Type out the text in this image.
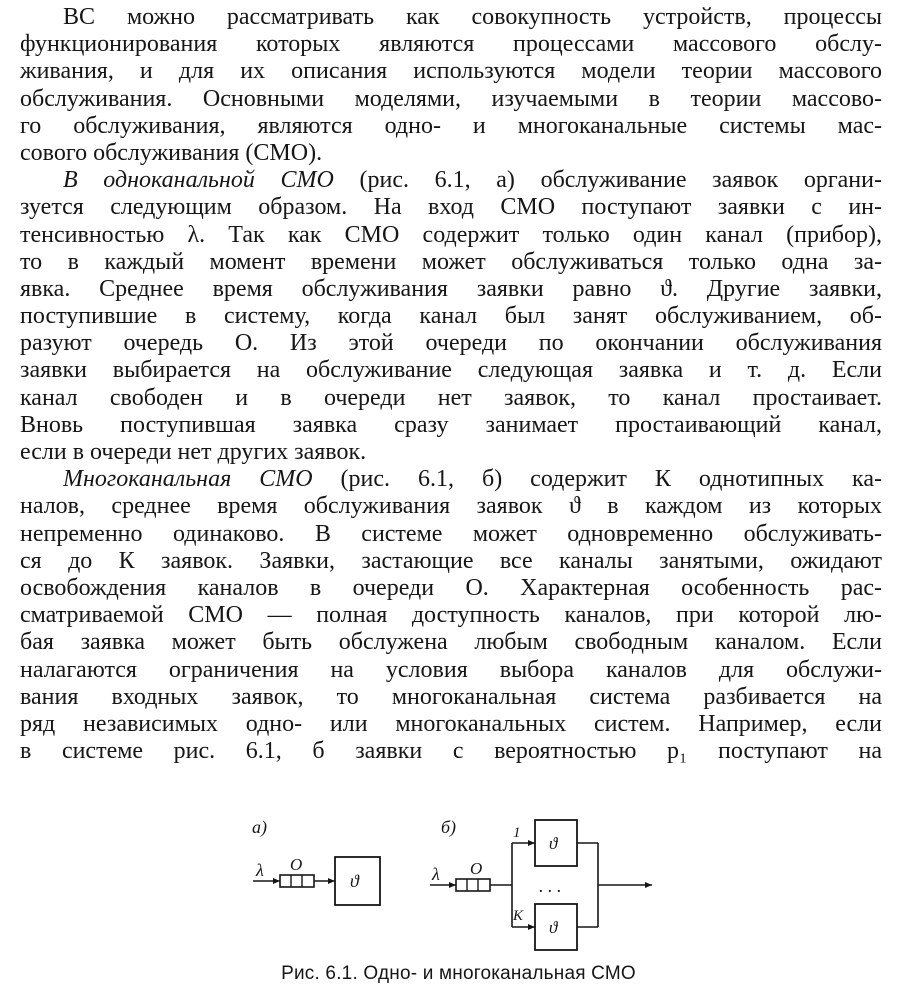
ВС можно рассматривать как совокупность устройств, процессы
функционирования которых являются процессами массового обслу-
живания, и для их описания используются модели теории массового
обслуживания. Основными моделями, изучаемыми в теории массово-
го обслуживания, являются одно- и многоканальные системы мас-
сового обслуживания (СМО).
В одноканальной СМО (рис. 6.1, а) обслуживание заявок органи-
зуется следующим образом. На вход СМО поступают заявки с ин-
тенсивностью λ. Так как СМО содержит только один канал (прибор),
то в каждый момент времени может обслуживаться только одна за-
явка. Среднее время обслуживания заявки равно ϑ. Другие заявки,
поступившие в систему, когда канал был занят обслуживанием, об-
разуют очередь О. Из этой очереди по окончании обслуживания
заявки выбирается на обслуживание следующая заявка и т. д. Если
канал свободен и в очереди нет заявок, то канал простаивает.
Вновь поступившая заявка сразу занимает простаивающий канал,
если в очереди нет других заявок.
Многоканальная СМО (рис. 6.1, б) содержит К однотипных ка-
налов, среднее время обслуживания заявок ϑ в каждом из которых
непременно одинаково. В системе может одновременно обслуживать-
ся до К заявок. Заявки, застающие все каналы занятыми, ожидают
освобождения каналов в очереди О. Характерная особенность рас-
сматриваемой СМО — полная доступность каналов, при которой лю-
бая заявка может быть обслужена любым свободным каналом. Если
налагаются ограничения на условия выбора каналов для обслужи-
вания входных заявок, то многоканальная система разбивается на
ряд независимых одно- или многоканальных систем. Например, если
в системе рис. 6.1, б заявки с вероятностью p₁ поступают на
а)
λ О
ϑ
б)
λ О
1
ϑ
. . .
К
ϑ
Рис. 6.1. Одно- и многоканальная СМО
